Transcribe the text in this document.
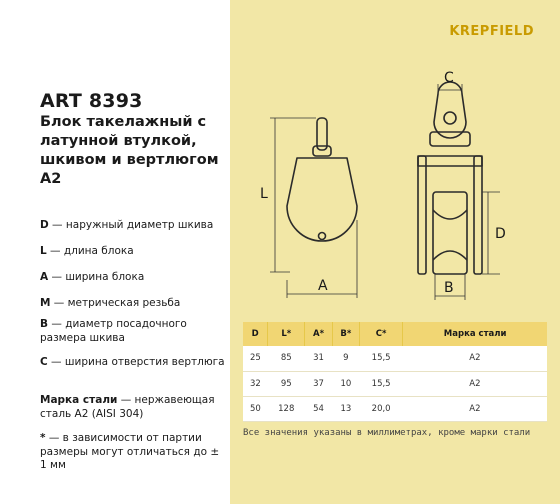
KREPFIELD
ART 8393
Блок такелажный с латунной втулкой, шкивом и вертлюгом A2
D — наружный диаметр шкива
L — длина блока
A — ширина блока
M — метрическая резьба
B — диаметр посадочного размера шкива
C — ширина отверстия вертлюга
Марка стали — нержавеющая сталь A2 (AISI 304)
* — в зависимости от партии размеры могут отличаться до ± 1 мм
L
A
C
D
B
D	L*	A*	B*	C*	Марка стали
25	85	31	9	15,5	A2
32	95	37	10	15,5	A2
50	128	54	13	20,0	A2
Все значения указаны в миллиметрах, кроме марки стали
